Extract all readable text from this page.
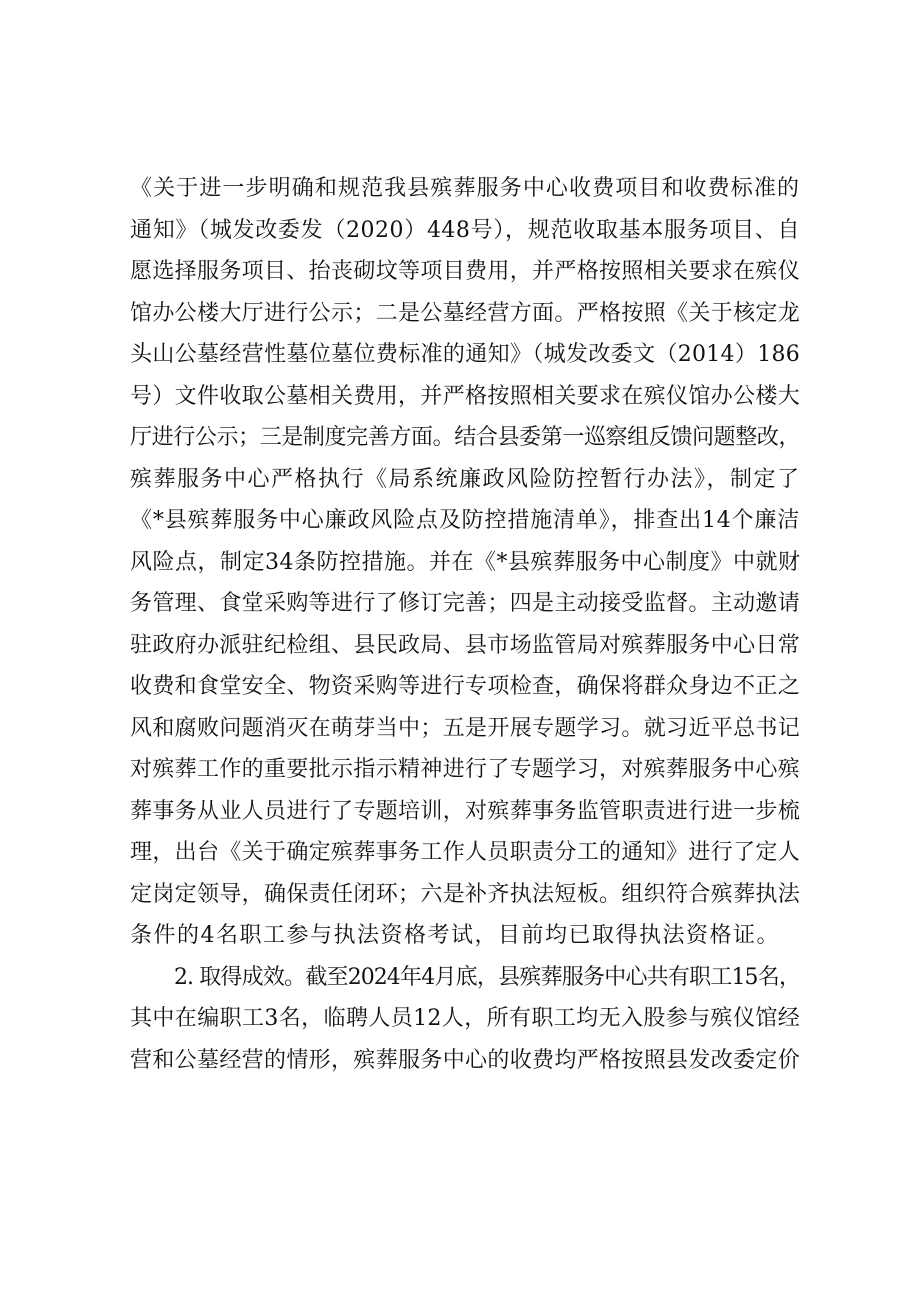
《关于进一步明确和规范我县殡葬服务中心收费项目和收费标准的
通知》（城发改委发（2020）448号），规范收取基本服务项目、自
愿选择服务项目、抬丧砌坟等项目费用，并严格按照相关要求在殡仪
馆办公楼大厅进行公示；二是公墓经营方面。严格按照《关于核定龙
头山公墓经营性墓位墓位费标准的通知》（城发改委文（2014）186
号）文件收取公墓相关费用，并严格按照相关要求在殡仪馆办公楼大
厅进行公示；三是制度完善方面。结合县委第一巡察组反馈问题整改，
殡葬服务中心严格执行《局系统廉政风险防控暂行办法》，制定了
《*县殡葬服务中心廉政风险点及防控措施清单》，排查出14个廉洁
风险点，制定34条防控措施。并在《*县殡葬服务中心制度》中就财
务管理、食堂采购等进行了修订完善；四是主动接受监督。主动邀请
驻政府办派驻纪检组、县民政局、县市场监管局对殡葬服务中心日常
收费和食堂安全、物资采购等进行专项检查，确保将群众身边不正之
风和腐败问题消灭在萌芽当中；五是开展专题学习。就习近平总书记
对殡葬工作的重要批示指示精神进行了专题学习，对殡葬服务中心殡
葬事务从业人员进行了专题培训，对殡葬事务监管职责进行进一步梳
理，出台《关于确定殡葬事务工作人员职责分工的通知》进行了定人
定岗定领导，确保责任闭环；六是补齐执法短板。组织符合殡葬执法
条件的4名职工参与执法资格考试，目前均已取得执法资格证。
2. 取得成效。截至2024年4月底，县殡葬服务中心共有职工15名，
其中在编职工3名，临聘人员12人，所有职工均无入股参与殡仪馆经
营和公墓经营的情形，殡葬服务中心的收费均严格按照县发改委定价
